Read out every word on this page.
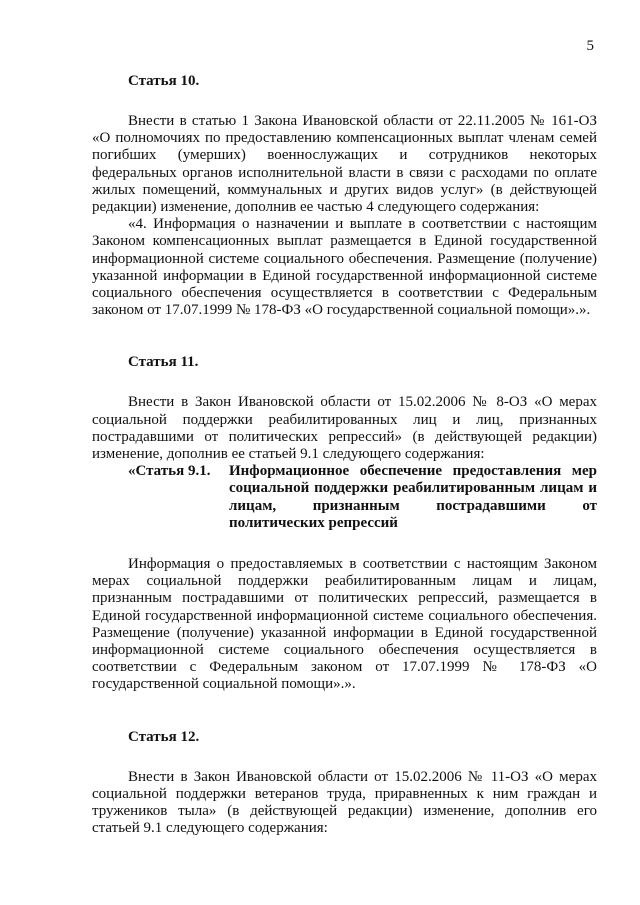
5
Статья 10.

Внести в статью 1 Закона Ивановской области от 22.11.2005 № 161-ОЗ «О полномочиях по предоставлению компенсационных выплат членам семей погибших (умерших) военнослужащих и сотрудников некоторых федеральных органов исполнительной власти в связи с расходами по оплате жилых помещений, коммунальных и других видов услуг» (в действующей редакции) изменение, дополнив ее частью 4 следующего содержания:

«4. Информация о назначении и выплате в соответствии с настоящим Законом компенсационных выплат размещается в Единой государственной информационной системе социального обеспечения. Размещение (получение) указанной информации в Единой государственной информационной системе социального обеспечения осуществляется в соответствии с Федеральным законом от 17.07.1999 № 178-ФЗ «О государственной социальной помощи».».

Статья 11.

Внести в Закон Ивановской области от 15.02.2006 № 8-ОЗ «О мерах социальной поддержки реабилитированных лиц и лиц, признанных пострадавшими от политических репрессий» (в действующей редакции) изменение, дополнив ее статьей 9.1 следующего содержания:

«Статья 9.1.	Информационное обеспечение предоставления мер социальной поддержки реабилитированным лицам и лицам, признанным пострадавшими от политических репрессий

Информация о предоставляемых в соответствии с настоящим Законом мерах социальной поддержки реабилитированным лицам и лицам, признанным пострадавшими от политических репрессий, размещается в Единой государственной информационной системе социального обеспечения. Размещение (получение) указанной информации в Единой государственной информационной системе социального обеспечения осуществляется в соответствии с Федеральным законом от 17.07.1999 № 178-ФЗ «О государственной социальной помощи».».

Статья 12.

Внести в Закон Ивановской области от 15.02.2006 № 11-ОЗ «О мерах социальной поддержки ветеранов труда, приравненных к ним граждан и тружеников тыла» (в действующей редакции) изменение, дополнив его статьей 9.1 следующего содержания:
